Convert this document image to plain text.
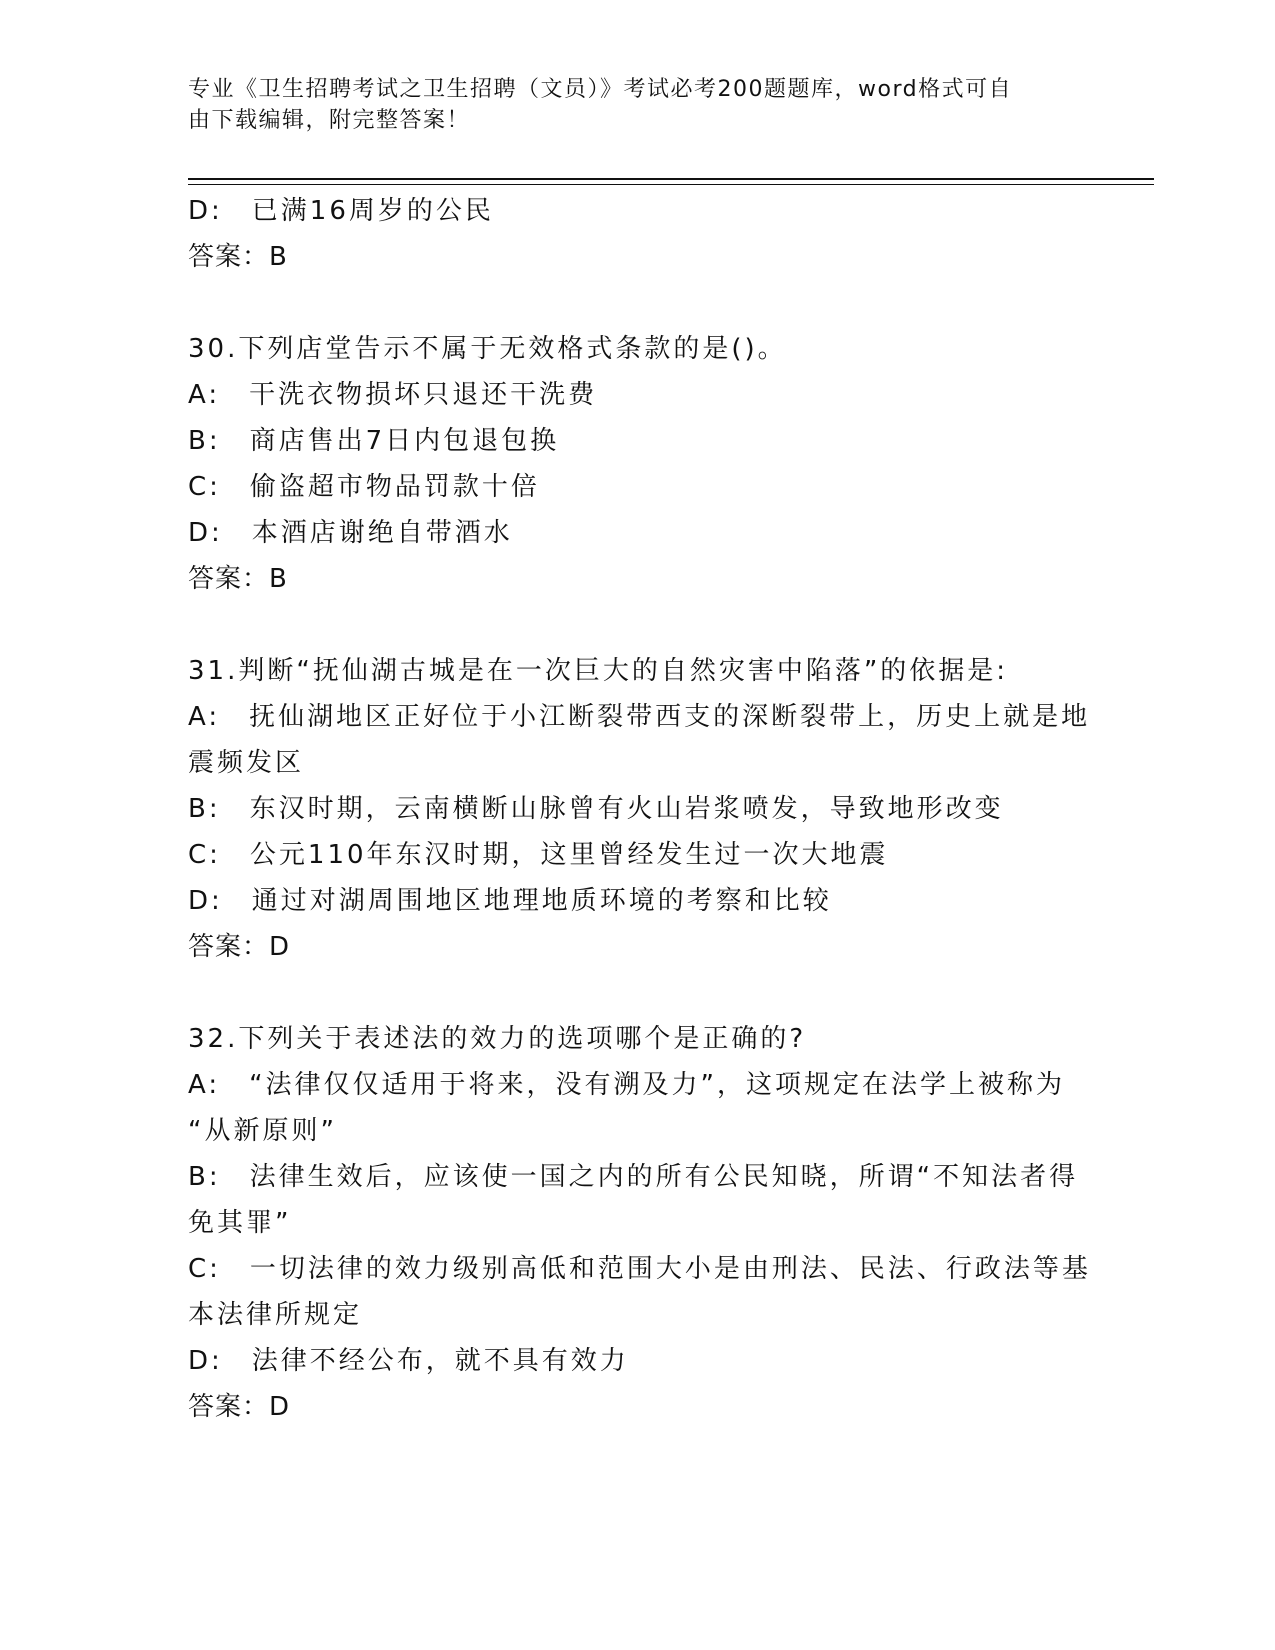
专业《卫生招聘考试之卫生招聘（文员）》考试必考200题题库，word格式可自
由下载编辑，附完整答案！
D:　已满16周岁的公民
答案：B
30.下列店堂告示不属于无效格式条款的是()。
A:　干洗衣物损坏只退还干洗费
B:　商店售出7日内包退包换
C:　偷盗超市物品罚款十倍
D:　本酒店谢绝自带酒水
答案：B
31.判断“抚仙湖古城是在一次巨大的自然灾害中陷落”的依据是:
A:　抚仙湖地区正好位于小江断裂带西支的深断裂带上，历史上就是地
震频发区
B:　东汉时期，云南横断山脉曾有火山岩浆喷发，导致地形改变
C:　公元110年东汉时期，这里曾经发生过一次大地震
D:　通过对湖周围地区地理地质环境的考察和比较
答案：D
32.下列关于表述法的效力的选项哪个是正确的?
A:　“法律仅仅适用于将来，没有溯及力”，这项规定在法学上被称为
“从新原则”
B:　法律生效后，应该使一国之内的所有公民知晓，所谓“不知法者得
免其罪”
C:　一切法律的效力级别高低和范围大小是由刑法、民法、行政法等基
本法律所规定
D:　法律不经公布，就不具有效力
答案：D
